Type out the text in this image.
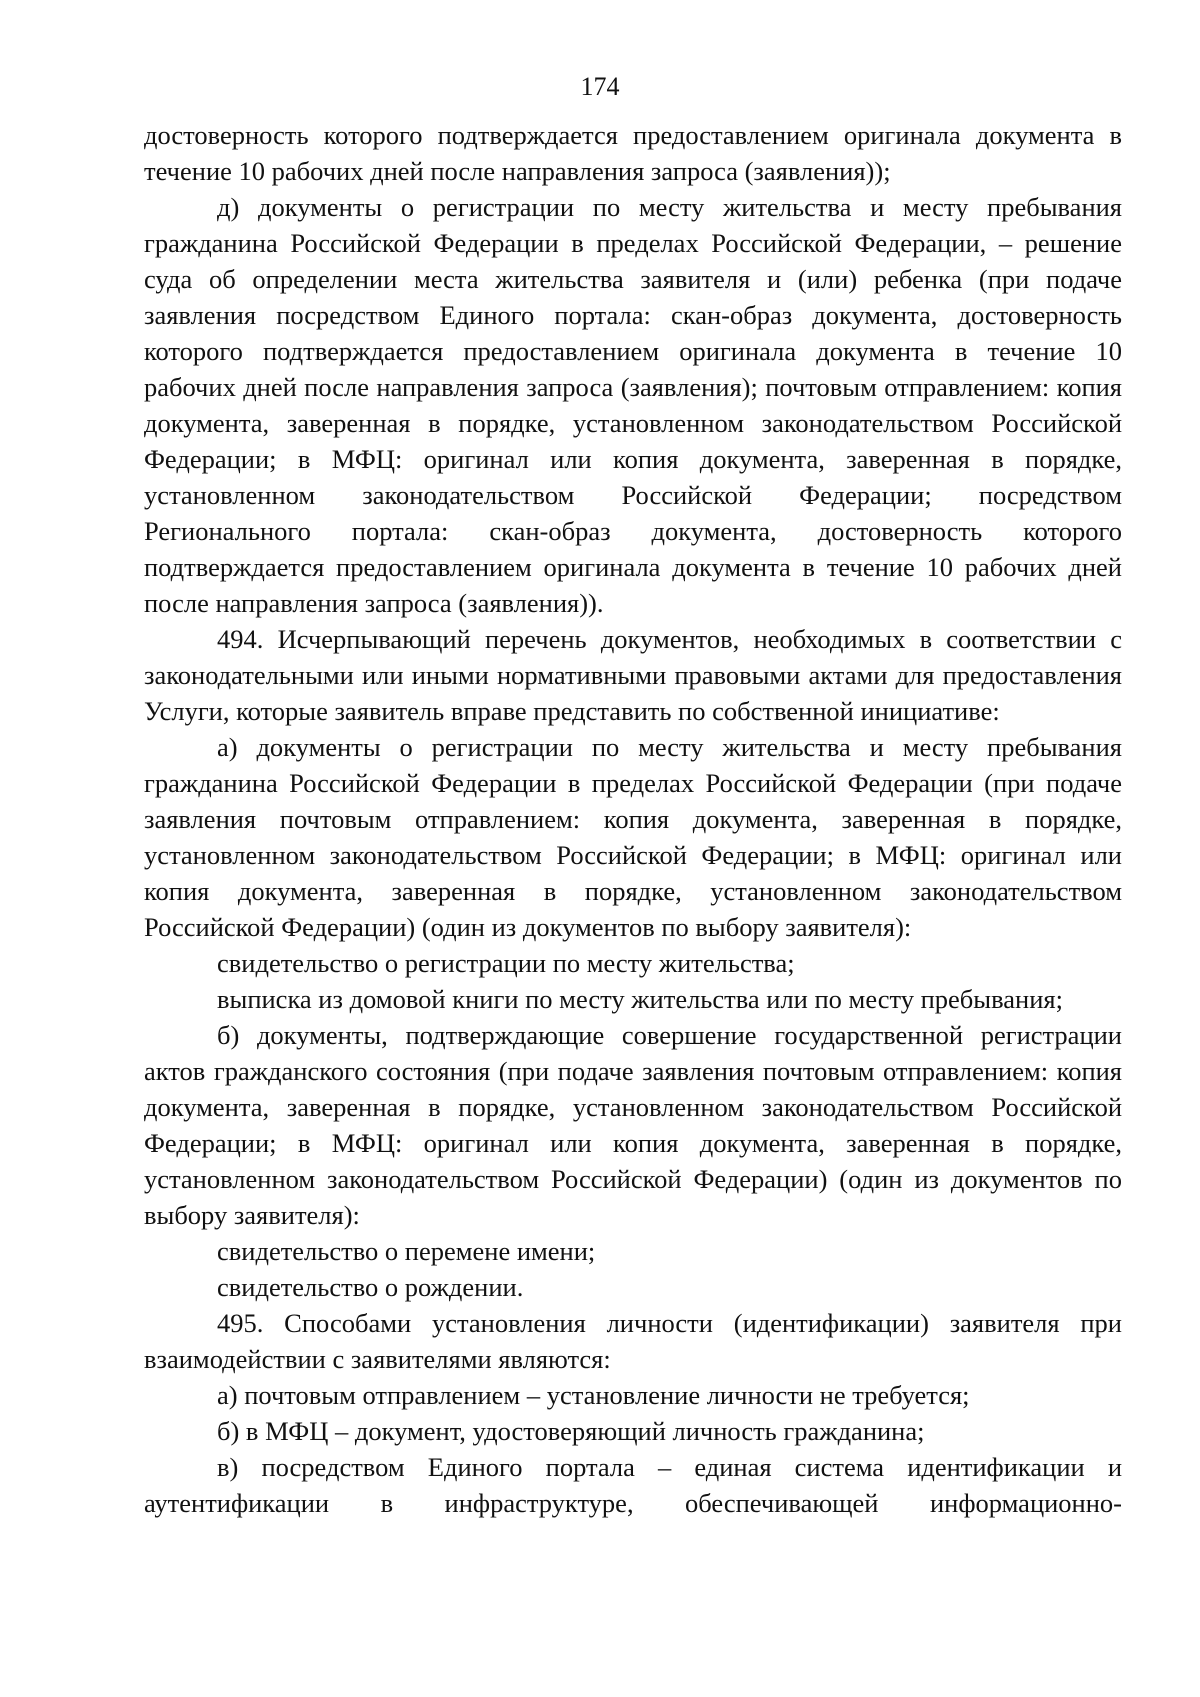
174

достоверность которого подтверждается предоставлением оригинала документа в течение 10 рабочих дней после направления запроса (заявления));

д) документы о регистрации по месту жительства и месту пребывания гражданина Российской Федерации в пределах Российской Федерации, – решение суда об определении места жительства заявителя и (или) ребенка (при подаче заявления посредством Единого портала: скан-образ документа, достоверность которого подтверждается предоставлением оригинала документа в течение 10 рабочих дней после направления запроса (заявления); почтовым отправлением: копия документа, заверенная в порядке, установленном законодательством Российской Федерации; в МФЦ: оригинал или копия документа, заверенная в порядке, установленном законодательством Российской Федерации; посредством Регионального портала: скан-образ документа, достоверность которого подтверждается предоставлением оригинала документа в течение 10 рабочих дней после направления запроса (заявления)).

494. Исчерпывающий перечень документов, необходимых в соответствии с законодательными или иными нормативными правовыми актами для предоставления Услуги, которые заявитель вправе представить по собственной инициативе:

а) документы о регистрации по месту жительства и месту пребывания гражданина Российской Федерации в пределах Российской Федерации (при подаче заявления почтовым отправлением: копия документа, заверенная в порядке, установленном законодательством Российской Федерации; в МФЦ: оригинал или копия документа, заверенная в порядке, установленном законодательством Российской Федерации) (один из документов по выбору заявителя):

свидетельство о регистрации по месту жительства;

выписка из домовой книги по месту жительства или по месту пребывания;

б) документы, подтверждающие совершение государственной регистрации актов гражданского состояния (при подаче заявления почтовым отправлением: копия документа, заверенная в порядке, установленном законодательством Российской Федерации; в МФЦ: оригинал или копия документа, заверенная в порядке, установленном законодательством Российской Федерации) (один из документов по выбору заявителя):

свидетельство о перемене имени;

свидетельство о рождении.

495. Способами установления личности (идентификации) заявителя при взаимодействии с заявителями являются:

а) почтовым отправлением – установление личности не требуется;

б) в МФЦ – документ, удостоверяющий личность гражданина;

в) посредством Единого портала – единая система идентификации и аутентификации в инфраструктуре, обеспечивающей информационно-
